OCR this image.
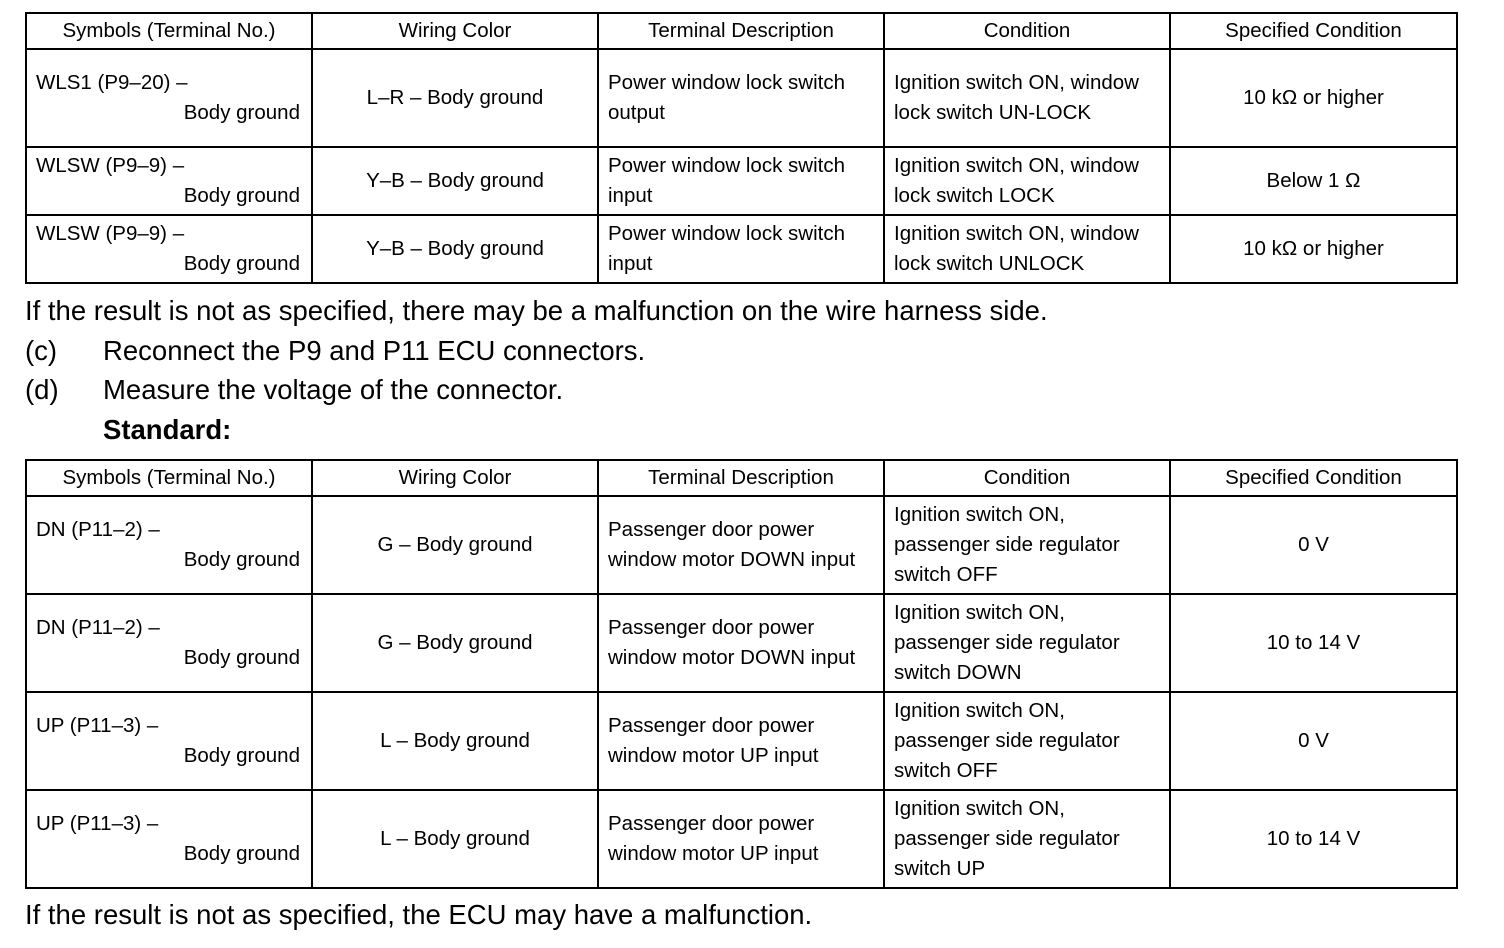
Symbols (Terminal No.)	Wiring Color	Terminal Description	Condition	Specified Condition

WLS1 (P9–20) –
Body ground	L–R – Body ground	Power window lock switch output	Ignition switch ON, window lock switch UN-LOCK	10 kΩ or higher

WLSW (P9–9) –
Body ground	Y–B – Body ground	Power window lock switch input	Ignition switch ON, window lock switch LOCK	Below 1 Ω

WLSW (P9–9) –
Body ground	Y–B – Body ground	Power window lock switch input	Ignition switch ON, window lock switch UNLOCK	10 kΩ or higher
If the result is not as specified, there may be a malfunction on the wire harness side.
(c) Reconnect the P9 and P11 ECU connectors.
(d) Measure the voltage of the connector.
Standard:
Symbols (Terminal No.)	Wiring Color	Terminal Description	Condition	Specified Condition

DN (P11–2) –
Body ground	G – Body ground	Passenger door power window motor DOWN input	Ignition switch ON, passenger side regulator switch OFF	0 V

DN (P11–2) –
Body ground	G – Body ground	Passenger door power window motor DOWN input	Ignition switch ON, passenger side regulator switch DOWN	10 to 14 V

UP (P11–3) –
Body ground	L – Body ground	Passenger door power window motor UP input	Ignition switch ON, passenger side regulator switch OFF	0 V

UP (P11–3) –
Body ground	L – Body ground	Passenger door power window motor UP input	Ignition switch ON, passenger side regulator switch UP	10 to 14 V
If the result is not as specified, the ECU may have a malfunction.
